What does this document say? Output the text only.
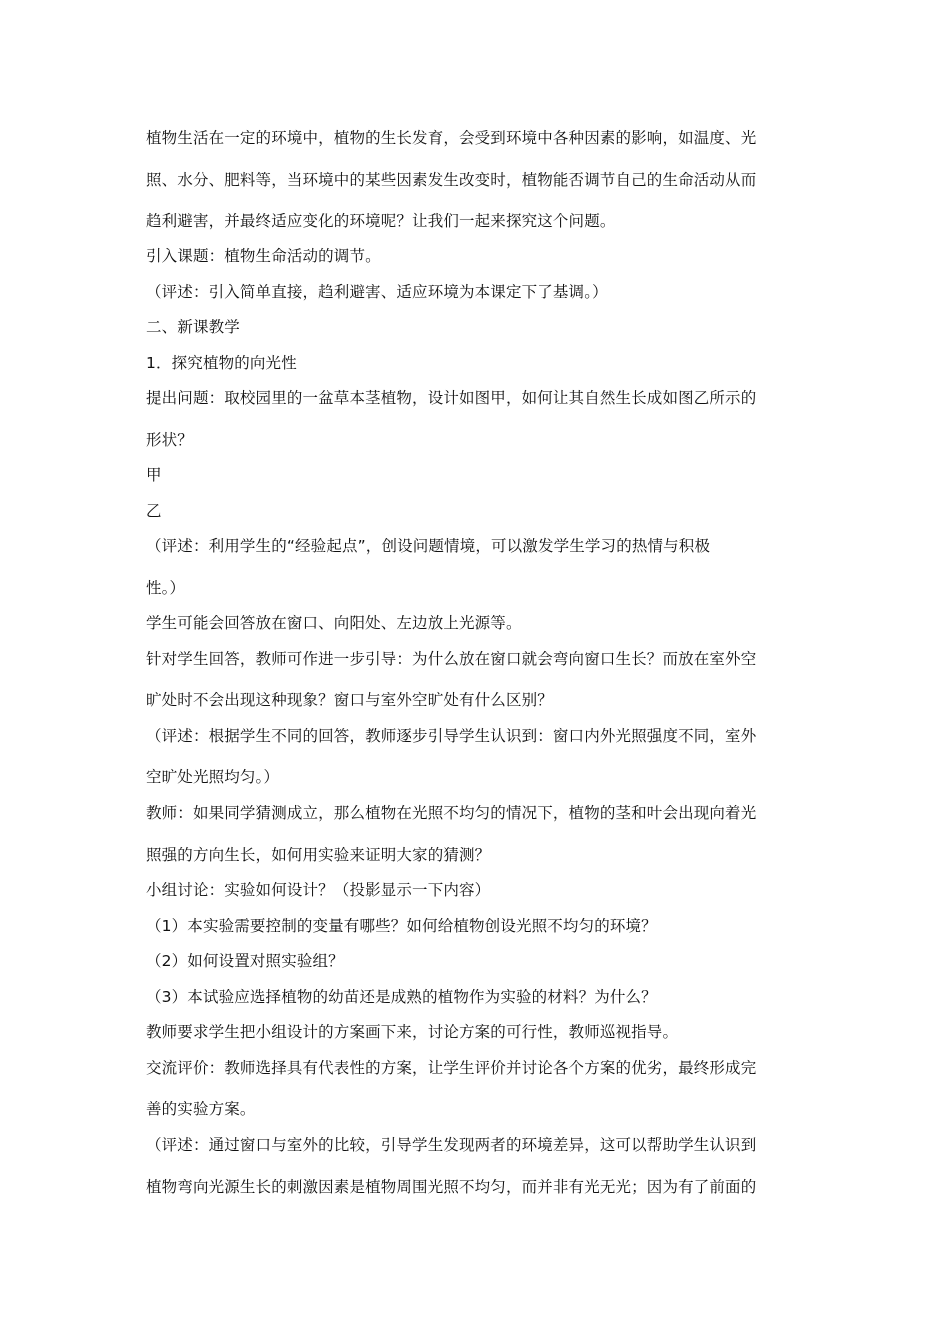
植物生活在一定的环境中，植物的生长发育，会受到环境中各种因素的影响，如温度、光
照、水分、肥料等，当环境中的某些因素发生改变时，植物能否调节自己的生命活动从而
趋利避害，并最终适应变化的环境呢？让我们一起来探究这个问题。
引入课题：植物生命活动的调节。
（评述：引入简单直接，趋利避害、适应环境为本课定下了基调。）
二、新课教学
1．探究植物的向光性
提出问题：取校园里的一盆草本茎植物，设计如图甲，如何让其自然生长成如图乙所示的
形状？
甲
乙
（评述：利用学生的“经验起点”，创设问题情境，可以激发学生学习的热情与积极
性。）
学生可能会回答放在窗口、向阳处、左边放上光源等。
针对学生回答，教师可作进一步引导：为什么放在窗口就会弯向窗口生长？而放在室外空
旷处时不会出现这种现象？窗口与室外空旷处有什么区别？
（评述：根据学生不同的回答，教师逐步引导学生认识到：窗口内外光照强度不同，室外
空旷处光照均匀。）
教师：如果同学猜测成立，那么植物在光照不均匀的情况下，植物的茎和叶会出现向着光
照强的方向生长，如何用实验来证明大家的猜测？
小组讨论：实验如何设计？（投影显示一下内容）
（1）本实验需要控制的变量有哪些？如何给植物创设光照不均匀的环境？
（2）如何设置对照实验组？
（3）本试验应选择植物的幼苗还是成熟的植物作为实验的材料？为什么？
教师要求学生把小组设计的方案画下来，讨论方案的可行性，教师巡视指导。
交流评价：教师选择具有代表性的方案，让学生评价并讨论各个方案的优劣，最终形成完
善的实验方案。
（评述：通过窗口与室外的比较，引导学生发现两者的环境差异，这可以帮助学生认识到
植物弯向光源生长的刺激因素是植物周围光照不均匀，而并非有光无光；因为有了前面的
